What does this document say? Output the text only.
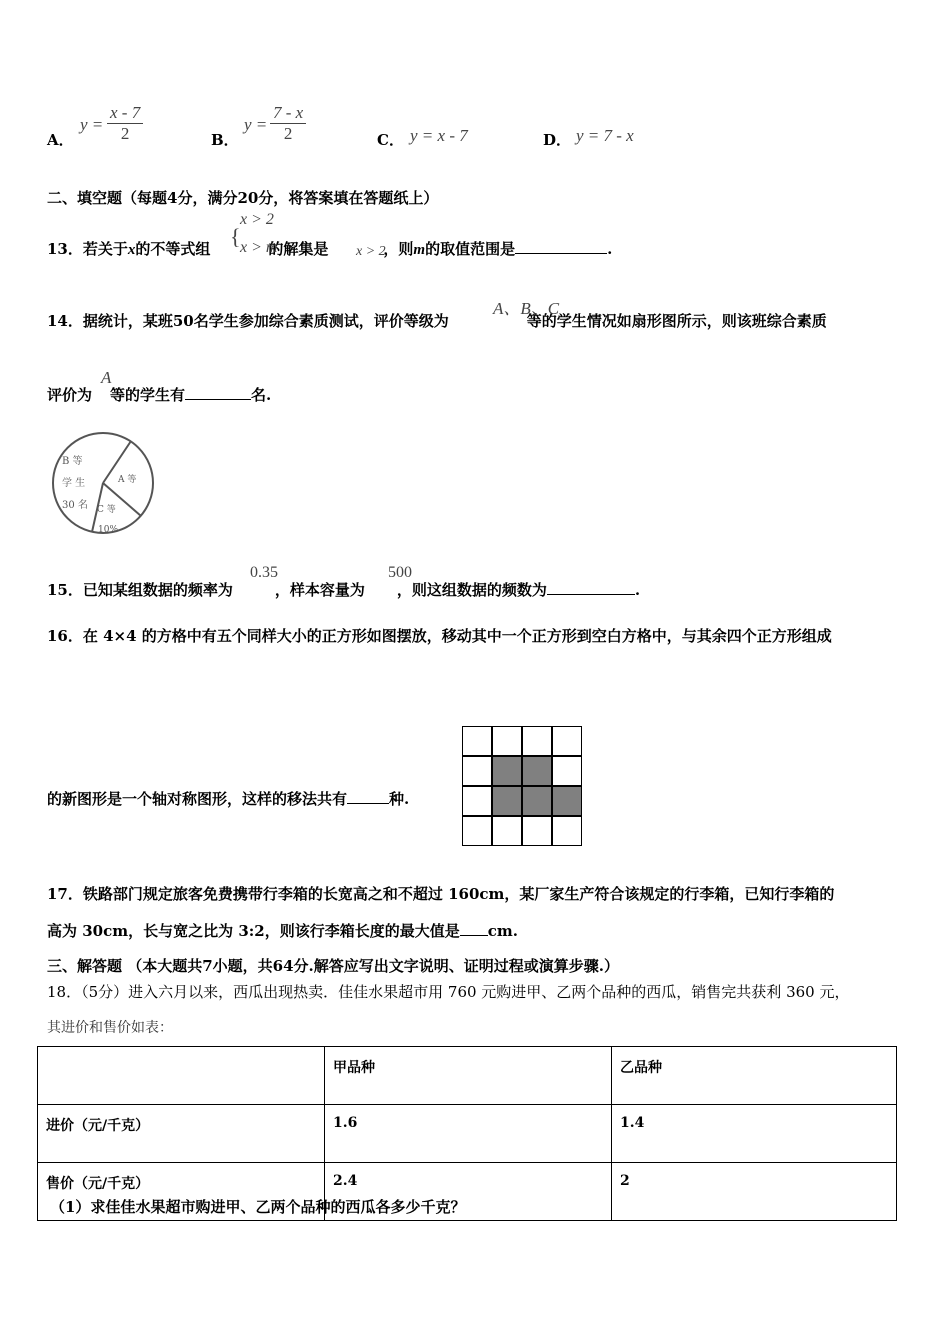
A．
$y = \frac{x - 7}{2}$	B．
$y = \frac{7 - x}{2}$	C． y = x - 7	D． y = 7 - x
二、填空题（每题4分，满分20分，将答案填在答题纸上）
13．若关于x的不等式组	的解集是	，则m的取值范围是	.
{
x > 2
x > m	x > 2
14．据统计，某班50名学生参加综合素质测试，评价等级为	等的学生情况如扇形图所示，则该班综合素质
A、B、C
评价为 等的学生有	名.
A
B 等
学 生
30 名
A 等
C 等
10%
15．已知某组数据的频率为	，样本容量为 ，则这组数据的频数为	.
0.35	500
16．在 4×4 的方格中有五个同样大小的正方形如图摆放，移动其中一个正方形到空白方格中，与其余四个正方形组成
的新图形是一个轴对称图形，这样的移法共有	种.
17．铁路部门规定旅客免费携带行李箱的长宽高之和不超过 160cm，某厂家生产符合该规定的行李箱，已知行李箱的
高为 30cm，长与宽之比为 3:2，则该行李箱长度的最大值是 cm.
三、解答题 （本大题共7小题，共64分.解答应写出文字说明、证明过程或演算步骤.）
18．（5分）进入六月以来，西瓜出现热卖．佳佳水果超市用 760 元购进甲、乙两个品种的西瓜，销售完共获利 360 元，
其进价和售价如表：
	甲品种	乙品种
进价（元/千克）	1.6	1.4
售价（元/千克）	2.4	2
（1）求佳佳水果超市购进甲、乙两个品种的西瓜各多少千克？
